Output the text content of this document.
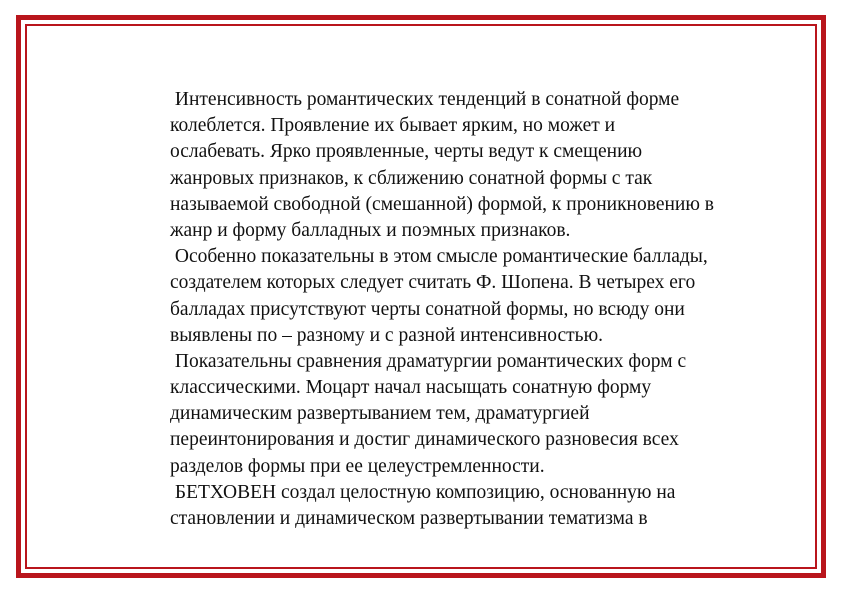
Интенсивность романтических тенденций в сонатной форме
колеблется. Проявление их бывает ярким, но может и
ослабевать. Ярко проявленные, черты ведут к смещению
жанровых признаков, к сближению сонатной формы с так
называемой свободной (смешанной) формой, к проникновению в
жанр и форму балладных и поэмных признаков.
Особенно показательны в этом смысле романтические баллады,
создателем которых следует считать Ф. Шопена. В четырех его
балладах присутствуют черты сонатной формы, но всюду они
выявлены по – разному и с разной интенсивностью.
Показательны сравнения драматургии романтических форм с
классическими. Моцарт начал насыщать сонатную форму
динамическим развертыванием тем, драматургией
переинтонирования и достиг динамического разновесия всех
разделов формы при ее целеустремленности.
БЕТХОВЕН создал целостную композицию, основанную на
становлении и динамическом развертывании тематизма в
